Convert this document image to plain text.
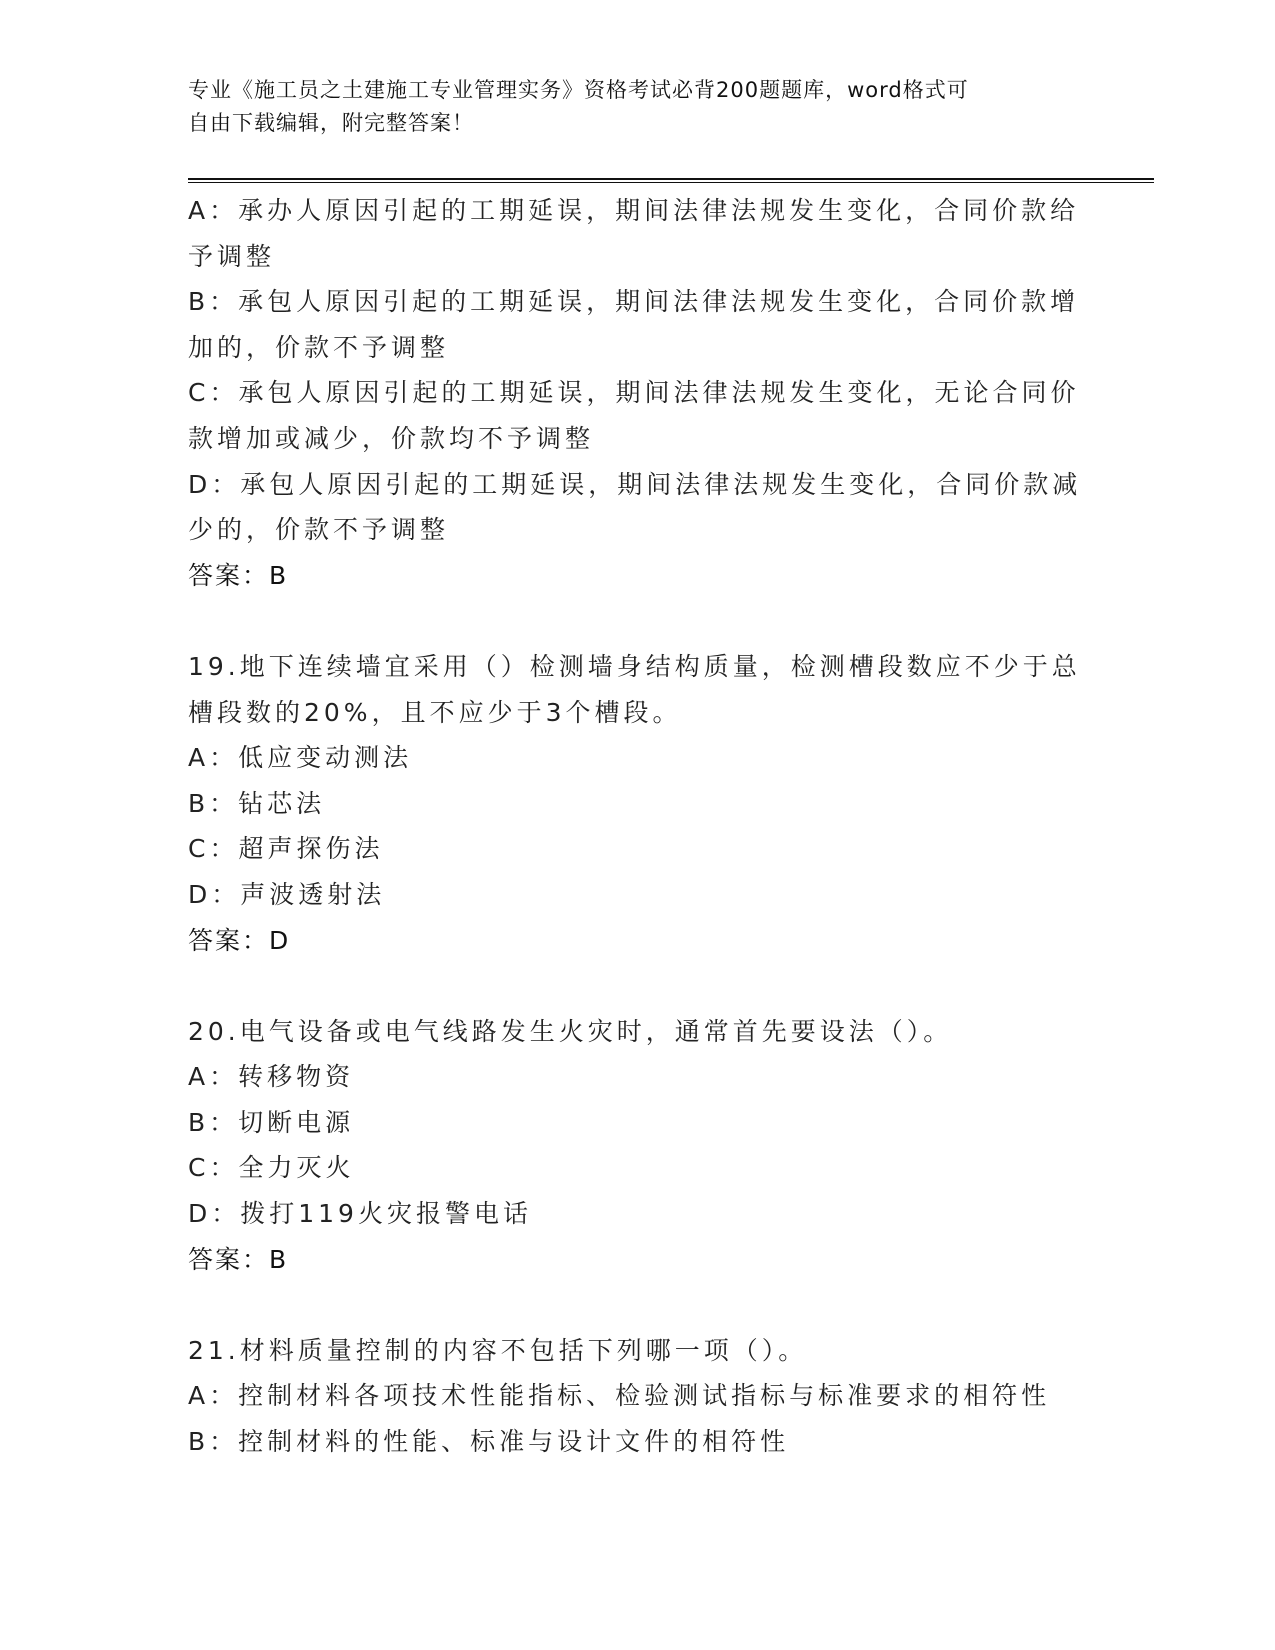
专业《施工员之土建施工专业管理实务》资格考试必背200题题库，word格式可
自由下载编辑，附完整答案！
A：承办人原因引起的工期延误，期间法律法规发生变化，合同价款给
予调整
B：承包人原因引起的工期延误，期间法律法规发生变化，合同价款增
加的，价款不予调整
C：承包人原因引起的工期延误，期间法律法规发生变化，无论合同价
款增加或减少，价款均不予调整
D：承包人原因引起的工期延误，期间法律法规发生变化，合同价款减
少的，价款不予调整
答案：B
19.地下连续墙宜采用（）检测墙身结构质量，检测槽段数应不少于总
槽段数的20%，且不应少于3个槽段。
A：低应变动测法
B：钻芯法
C：超声探伤法
D：声波透射法
答案：D
20.电气设备或电气线路发生火灾时，通常首先要设法（）。
A：转移物资
B：切断电源
C：全力灭火
D：拨打119火灾报警电话
答案：B
21.材料质量控制的内容不包括下列哪一项（）。
A：控制材料各项技术性能指标、检验测试指标与标准要求的相符性
B：控制材料的性能、标准与设计文件的相符性
